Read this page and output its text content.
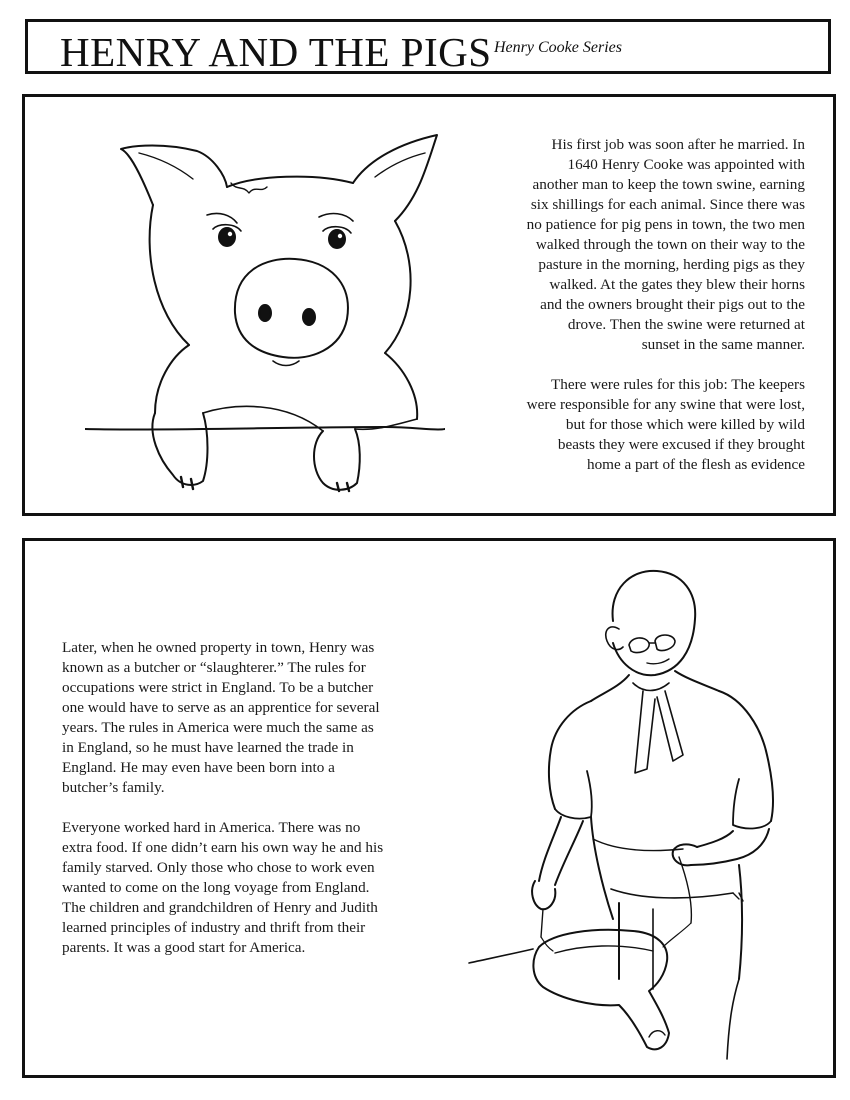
HENRY AND THE PIGS Henry Cooke Series

His first job was soon after he married. In
1640 Henry Cooke was appointed with
another man to keep the town swine, earning
six shillings for each animal. Since there was
no patience for pig pens in town, the two men
walked through the town on their way to the
pasture in the morning, herding pigs as they
walked. At the gates they blew their horns
and the owners brought their pigs out to the
drove. Then the swine were returned at
sunset in the same manner.

There were rules for this job: The keepers
were responsible for any swine that were lost,
but for those which were killed by wild
beasts they were excused if they brought
home a part of the flesh as evidence

Later, when he owned property in town, Henry was
known as a butcher or “slaughterer.” The rules for
occupations were strict in England. To be a butcher
one would have to serve as an apprentice for several
years. The rules in America were much the same as
in England, so he must have learned the trade in
England. He may even have been born into a
butcher’s family.

Everyone worked hard in America. There was no
extra food. If one didn’t earn his own way he and his
family starved. Only those who chose to work even
wanted to come on the long voyage from England.
The children and grandchildren of Henry and Judith
learned principles of industry and thrift from their
parents. It was a good start for America.
